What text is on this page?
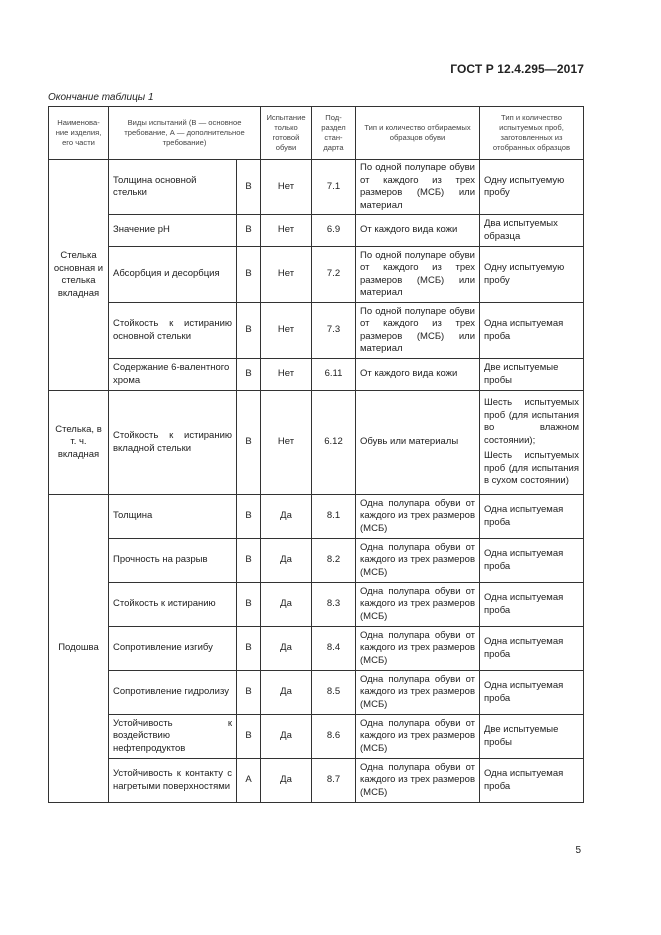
ГОСТ Р 12.4.295—2017
Окончание таблицы 1
Наименова-ние изделия, его части	Виды испытаний (В — основное требование, А — дополнительное требование)		Испытание только готовой обуви	Под-раздел стан-дарта	Тип и количество отбираемых образцов обуви	Тип и количество испытуемых проб, заготовленных из отобранных образцов
Стелька основная и стелька вкладная	Толщина основной стельки	В	Нет	7.1	По одной полупаре обуви от каждого из трех размеров (МСБ) или материал	Одну испытуемую пробу
	Значение pH	В	Нет	6.9	От каждого вида кожи	Два испытуемых образца
	Абсорбция и десорбция	В	Нет	7.2	По одной полупаре обуви от каждого из трех размеров (МСБ) или материал	Одну испытуемую пробу
	Стойкость к истиранию основной стельки	В	Нет	7.3	По одной полупаре обуви от каждого из трех размеров (МСБ) или материал	Одна испытуемая проба
	Содержание 6-валентного хрома	В	Нет	6.11	От каждого вида кожи	Две испытуемые пробы
Стелька, в т. ч. вкладная	Стойкость к истиранию вкладной стельки	В	Нет	6.12	Обувь или материалы	Шесть испытуемых проб (для испытания во влажном состоянии);
Шесть испытуемых проб (для испытания в сухом состоянии)

Подошва	Толщина	В	Да	8.1	Одна полупара обуви от каждого из трех размеров (МСБ)	Одна испытуемая проба
	Прочность на разрыв	В	Да	8.2	Одна полупара обуви от каждого из трех размеров (МСБ)	Одна испытуемая проба
	Стойкость к истиранию	В	Да	8.3	Одна полупара обуви от каждого из трех размеров (МСБ)	Одна испытуемая проба
	Сопротивление изгибу	В	Да	8.4	Одна полупара обуви от каждого из трех размеров (МСБ)	Одна испытуемая проба
	Сопротивление гидролизу	В	Да	8.5	Одна полупара обуви от каждого из трех размеров (МСБ)	Одна испытуемая проба
	Устойчивость к воздействию нефтепродуктов	В	Да	8.6	Одна полупара обуви от каждого из трех размеров (МСБ)	Две испытуемые пробы
	Устойчивость к контакту с нагретыми поверхностями	А	Да	8.7	Одна полупара обуви от каждого из трех размеров (МСБ)	Одна испытуемая проба
5
